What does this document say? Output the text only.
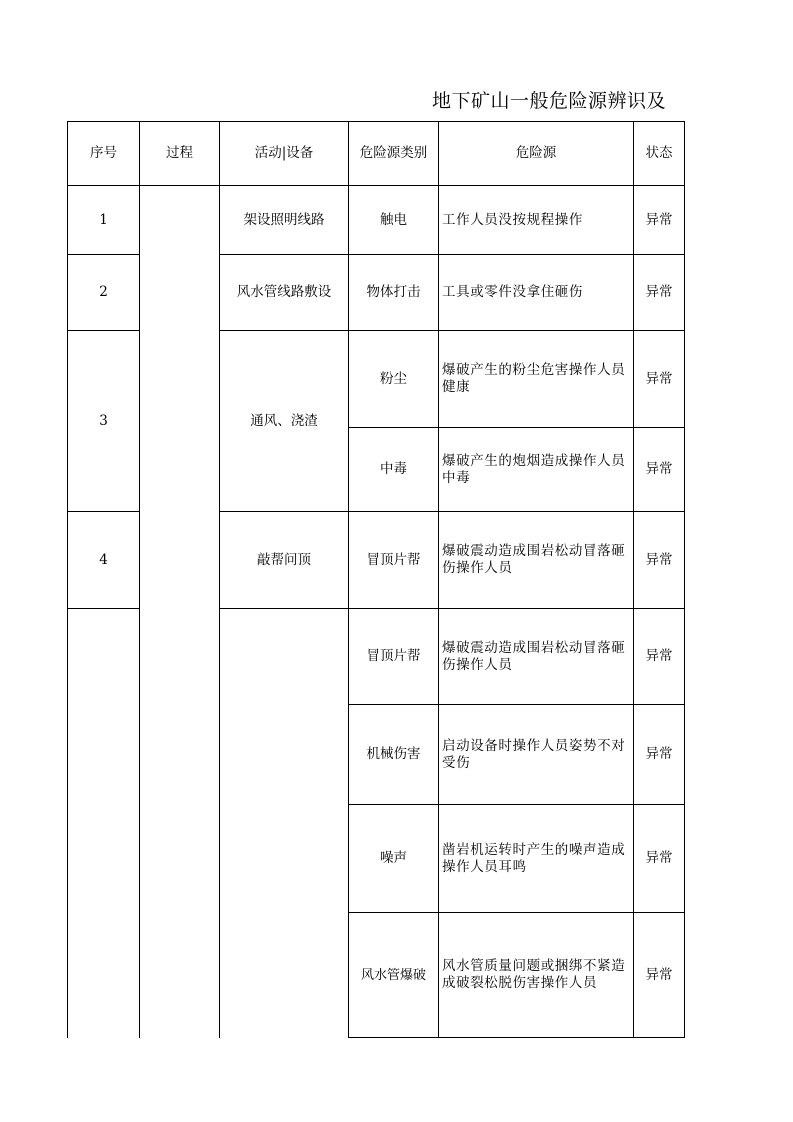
地下矿山一般危险源辨识及
序号	过程	活动|设备	危险源类别	危险源	状态
1		架设照明线路	触电	工作人员没按规程操作	异常
2		风水管线路敷设	物体打击	工具或零件没拿住砸伤	异常
3		通风、浇渣	粉尘	爆破产生的粉尘危害操作人员健康	异常
			中毒	爆破产生的炮烟造成操作人员中毒	异常
4		敲帮问顶	冒顶片帮	爆破震动造成围岩松动冒落砸伤操作人员	异常
			冒顶片帮	爆破震动造成围岩松动冒落砸伤操作人员	异常
			机械伤害	启动设备时操作人员姿势不对受伤	异常
			噪声	凿岩机运转时产生的噪声造成操作人员耳鸣	异常
			风水管爆破	风水管质量问题或捆绑不紧造成破裂松脱伤害操作人员	异常
